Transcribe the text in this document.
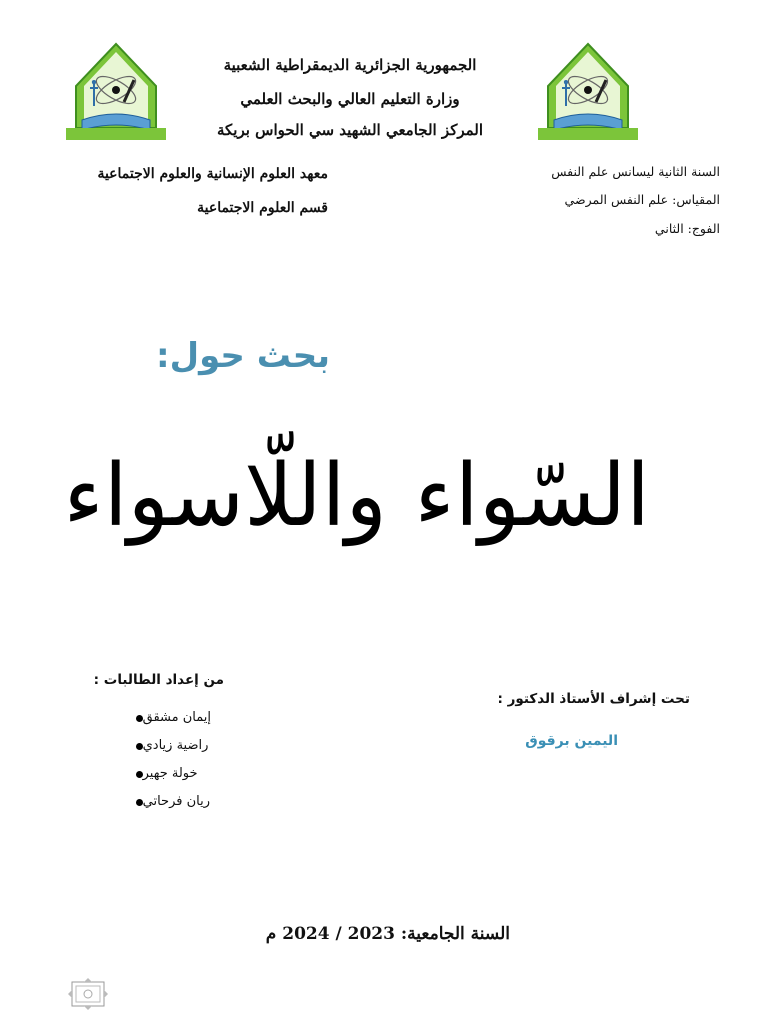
الجمهورية الجزائرية الديمقراطية الشعبية
وزارة التعليم العالي والبحث العلمي
المركز الجامعي الشهيد سي الحواس بريكة
السنة الثانية ليسانس علم النفس
المقياس: علم النفس المرضي
الفوج: الثاني
معهد العلوم الإنسانية والعلوم الاجتماعية
قسم العلوم الاجتماعية
بحث حول:
السّواء واللّاسواء
من إعداد الطالبات :
إيمان مشقق
راضية زيادي
خولة جهير
ريان فرحاتي
تحت إشراف الأستاذ الدكتور :
اليمين برقوق
السنة الجامعية: 2023 / 2024 م
